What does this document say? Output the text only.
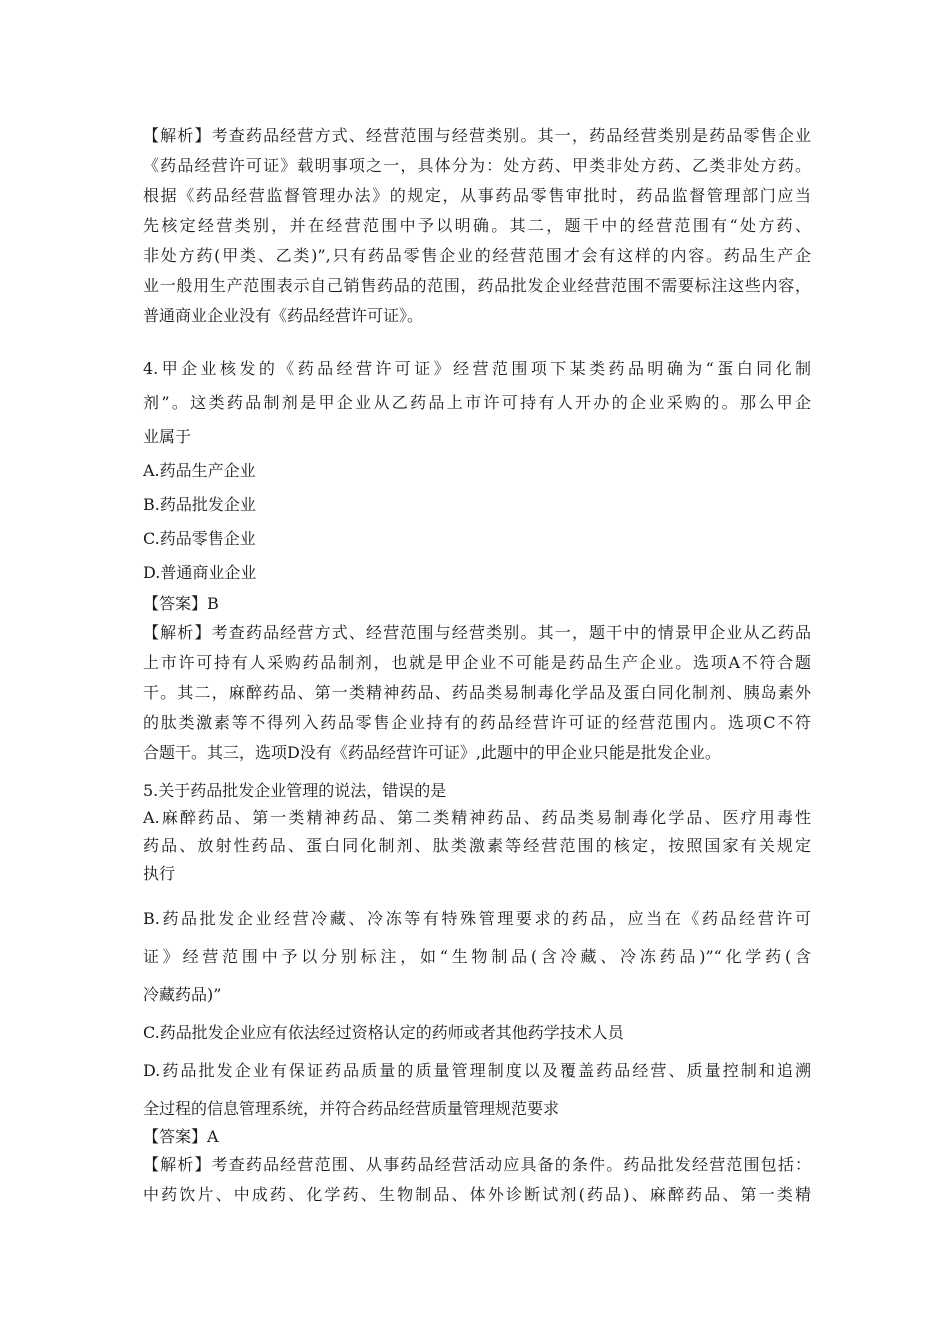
【解析】考查药品经营方式、经营范围与经营类别。其一，药品经营类别是药品零售企业
《药品经营许可证》载明事项之一，具体分为：处方药、甲类非处方药、乙类非处方药。
根据《药品经营监督管理办法》的规定，从事药品零售审批时，药品监督管理部门应当
先核定经营类别，并在经营范围中予以明确。其二，题干中的经营范围有“处方药、
非处方药(甲类、乙类)”,只有药品零售企业的经营范围才会有这样的内容。药品生产企
业一般用生产范围表示自己销售药品的范围，药品批发企业经营范围不需要标注这些内容，
普通商业企业没有《药品经营许可证》。
4.甲企业核发的《药品经营许可证》经营范围项下某类药品明确为“蛋白同化制
剂”。这类药品制剂是甲企业从乙药品上市许可持有人开办的企业采购的。那么甲企
业属于
A.药品生产企业
B.药品批发企业
C.药品零售企业
D.普通商业企业
【答案】B
【解析】考查药品经营方式、经营范围与经营类别。其一，题干中的情景甲企业从乙药品
上市许可持有人采购药品制剂，也就是甲企业不可能是药品生产企业。选项A不符合题
干。其二，麻醉药品、第一类精神药品、药品类易制毒化学品及蛋白同化制剂、胰岛素外
的肽类激素等不得列入药品零售企业持有的药品经营许可证的经营范围内。选项C不符
合题干。其三，选项D没有《药品经营许可证》,此题中的甲企业只能是批发企业。
5.关于药品批发企业管理的说法，错误的是
A.麻醉药品、第一类精神药品、第二类精神药品、药品类易制毒化学品、医疗用毒性
药品、放射性药品、蛋白同化制剂、肽类激素等经营范围的核定，按照国家有关规定
执行
B.药品批发企业经营冷藏、冷冻等有特殊管理要求的药品，应当在《药品经营许可
证》经营范围中予以分别标注，如“生物制品(含冷藏、冷冻药品)”“化学药(含
冷藏药品)”
C.药品批发企业应有依法经过资格认定的药师或者其他药学技术人员
D.药品批发企业有保证药品质量的质量管理制度以及覆盖药品经营、质量控制和追溯
全过程的信息管理系统，并符合药品经营质量管理规范要求
【答案】A
【解析】考查药品经营范围、从事药品经营活动应具备的条件。药品批发经营范围包括：
中药饮片、中成药、化学药、生物制品、体外诊断试剂(药品)、麻醉药品、第一类精
